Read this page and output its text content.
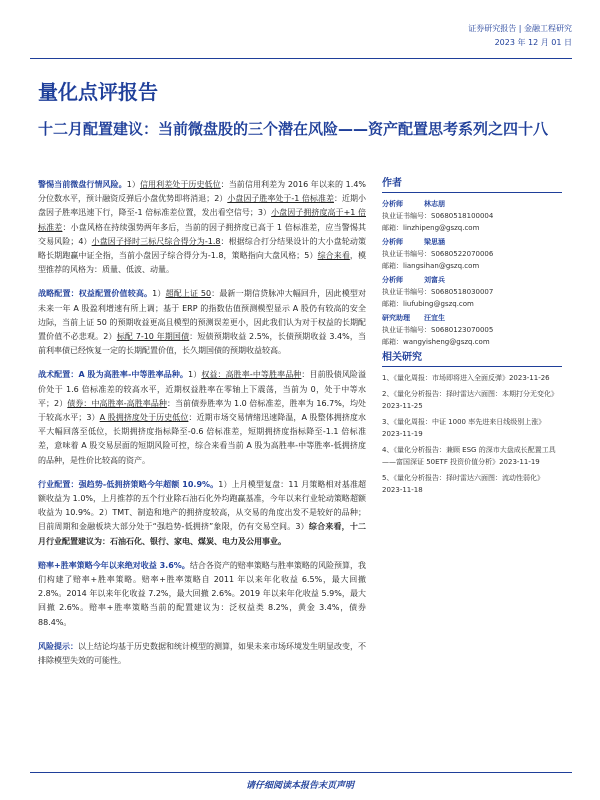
证券研究报告 | 金融工程研究
2023 年 12 月 01 日
量化点评报告
十二月配置建议：当前微盘股的三个潜在风险——资产配置思考系列之四十八

警惕当前微盘行情风险。1）信用利差处于历史低位：当前信用利差为 2016 年以来的 1.4%分位数水平，预计融资反弹后小盘优势即将消退；2）小盘因子胜率处于-1 倍标准差：近期小盘因子胜率迅速下行，降至-1 倍标准差位置，发出看空信号；3）小盘因子拥挤度高于+1 倍标准差：小盘风格在持续强势两年多后，当前的因子拥挤度已高于 1 倍标准差，应当警惕其交易风险；4）小盘因子择时三标尺综合得分为-1.8：根据综合打分结果设计的大小盘轮动策略长期跑赢中证全指，当前小盘因子综合得分为-1.8，策略指向大盘风格；5）综合来看，模型推荐的风格为：质量、低波、动量。

战略配置：权益配置价值较高。1）超配上证 50：最新一期信贷脉冲大幅回升，因此模型对未来一年 A 股盈利增速有所上调；基于 ERP 的指数估值预测模型显示 A 股仍有较高的安全边际，当前上证 50 的预期收益更高且模型的预测误差更小，因此我们认为对于权益的长期配置价值不必悲观。2）标配 7-10 年期国债：短债预期收益 2.5%，长债预期收益 3.4%，当前利率债已经恢复一定的长期配置价值，长久期国债的预期收益较高。

战术配置：A 股为高胜率-中等胜率品种。1）权益：高胜率-中等胜率品种：目前股债风险溢价处于 1.6 倍标准差的较高水平，近期权益胜率在零轴上下震荡，当前为 0，处于中等水平；2）债券：中高胜率-高胜率品种：当前债券胜率为 1.0 倍标准差，胜率为 16.7%，均处于较高水平；3）A 股拥挤度处于历史低位：近期市场交易情绪迅速降温，A 股整体拥挤度水平大幅回落至低位，长期拥挤度指标降至-0.6 倍标准差，短期拥挤度指标降至-1.1 倍标准差，意味着 A 股交易层面的短期风险可控，综合来看当前 A 股为高胜率-中等胜率-低拥挤度的品种，是性价比较高的资产。

行业配置：强趋势-低拥挤策略今年超额 10.9%。1）上月模型复盘：11 月策略相对基准超额收益为 1.0%，上月推荐的五个行业除石油石化外均跑赢基准，今年以来行业轮动策略超额收益为 10.9%。2）TMT、制造和地产的拥挤度较高，从交易的角度出发不是较好的品种；目前周期和金融板块大部分处于“强趋势-低拥挤”象限，仍有交易空间。3）综合来看，十二月行业配置建议为：石油石化、银行、家电、煤炭、电力及公用事业。

赔率+胜率策略今年以来绝对收益 3.6%。结合各资产的赔率策略与胜率策略的风险预算，我们构建了赔率+胜率策略。赔率+胜率策略自 2011 年以来年化收益 6.5%，最大回撤 2.8%。2014 年以来年化收益 7.2%，最大回撤 2.6%。2019 年以来年化收益 5.9%，最大回撤 2.6%。赔率+胜率策略当前的配置建议为：泛权益类 8.2%，黄金 3.4%，债券 88.4%。

风险提示：以上结论均基于历史数据和统计模型的测算，如果未来市场环境发生明显改变，不排除模型失效的可能性。

作者
分析师	林志朋
执业证书编号：S0680518100004
邮箱：linzhipeng@gszq.com
分析师	梁思涵
执业证书编号：S0680522070006
邮箱：liangsihan@gszq.com
分析师	刘富兵
执业证书编号：S0680518030007
邮箱：liufubing@gszq.com
研究助理 汪宜生
执业证书编号：S0680123070005
邮箱：wangyisheng@gszq.com
相关研究
1、《量化周报：市场即将进入全面反弹》2023-11-26
2、《量化分析报告：择时雷达六面图：本期打分无变化》2023-11-25
3、《量化周报：中证 1000 率先进来日线级别上涨》2023-11-19
4、《量化分析报告：兼顾 ESG 的深市大盘成长配置工具——富国深证 50ETF 投资价值分析》2023-11-19
5、《量化分析报告：择时雷达六面图：流动性弱化》2023-11-18
请仔细阅读本报告末页声明
